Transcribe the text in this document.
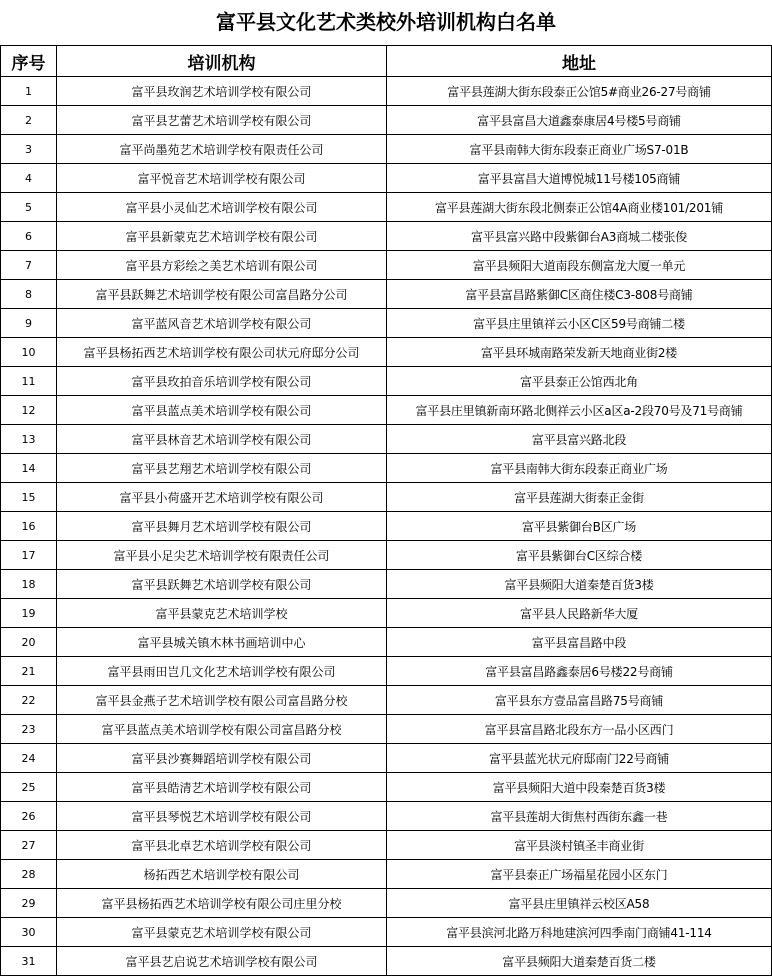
富平县文化艺术类校外培训机构白名单
序号	培训机构	地址
1	富平县玫润艺术培训学校有限公司	富平县莲湖大街东段泰正公馆5#商业26-27号商铺
2	富平县艺蕾艺术培训学校有限公司	富平县富昌大道鑫泰康居4号楼5号商铺
3	富平尚墨苑艺术培训学校有限责任公司	富平县南韩大街东段泰正商业广场S7-01B
4	富平悦音艺术培训学校有限公司	富平县富昌大道博悦城11号楼105商铺
5	富平县小灵仙艺术培训学校有限公司	富平县莲湖大街东段北侧泰正公馆4A商业楼101/201铺
6	富平县新蒙克艺术培训学校有限公司	富平县富兴路中段紫御台A3商城二楼张俊
7	富平县方彩绘之美艺术培训有限公司	富平县频阳大道南段东侧富龙大厦一单元
8	富平县跃舞艺术培训学校有限公司富昌路分公司	富平县富昌路紫御C区商住楼C3-808号商铺
9	富平蓝风音艺术培训学校有限公司	富平县庄里镇祥云小区C区59号商铺二楼
10	富平县杨拓西艺术培训学校有限公司状元府邸分公司	富平县环城南路荣发新天地商业街2楼
11	富平县玫拍音乐培训学校有限公司	富平县泰正公馆西北角
12	富平县蓝点美术培训学校有限公司	富平县庄里镇新南环路北侧祥云小区a区a-2段70号及71号商铺
13	富平县林音艺术培训学校有限公司	富平县富兴路北段
14	富平县艺翔艺术培训学校有限公司	富平县南韩大街东段泰正商业广场
15	富平县小荷盛开艺术培训学校有限公司	富平县莲湖大街泰正金街
16	富平县舞月艺术培训学校有限公司	富平县紫御台B区广场
17	富平县小足尖艺术培训学校有限责任公司	富平县紫御台C区综合楼
18	富平县跃舞艺术培训学校有限公司	富平县频阳大道秦楚百货3楼
19	富平县蒙克艺术培训学校	富平县人民路新华大厦
20	富平县城关镇木林书画培训中心	富平县富昌路中段
21	富平县雨田岂几文化艺术培训学校有限公司	富平县富昌路鑫泰居6号楼22号商铺
22	富平县金燕子艺术培训学校有限公司富昌路分校	富平县东方壹品富昌路75号商铺
23	富平县蓝点美术培训学校有限公司富昌路分校	富平县富昌路北段东方一品小区西门
24	富平县沙赛舞蹈培训学校有限公司	富平县蓝光状元府邸南门22号商铺
25	富平县皓清艺术培训学校有限公司	富平县频阳大道中段秦楚百货3楼
26	富平县琴悦艺术培训学校有限公司	富平县莲胡大街焦村西街东鑫一巷
27	富平县北卓艺术培训学校有限公司	富平县淡村镇圣丰商业街
28	杨拓西艺术培训学校有限公司	富平县泰正广场福星花园小区东门
29	富平县杨拓西艺术培训学校有限公司庄里分校	富平县庄里镇祥云校区A58
30	富平县蒙克艺术培训学校有限公司	富平县滨河北路万科地建滨河四季南门商铺41-114
31	富平县艺启说艺术培训学校有限公司	富平县频阳大道秦楚百货二楼
